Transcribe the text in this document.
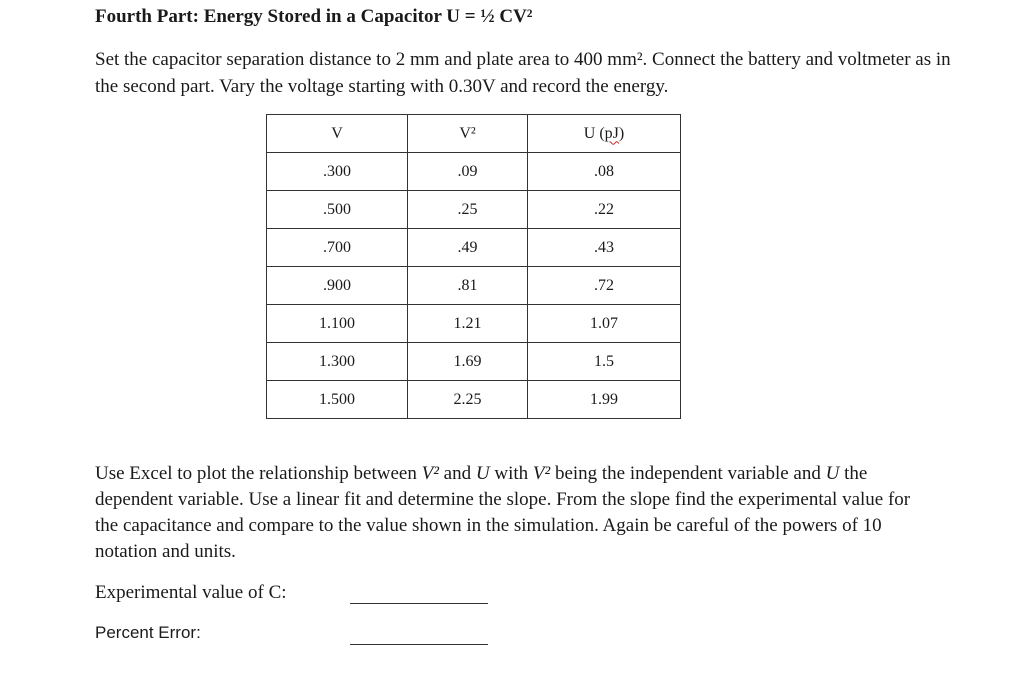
Fourth Part: Energy Stored in a Capacitor U = ½ CV²
Set the capacitor separation distance to 2 mm and plate area to 400 mm². Connect the battery and voltmeter as in the second part. Vary the voltage starting with 0.30V and record the energy.
V	V²	U (pJ)
.300	.09	.08
.500	.25	.22
.700	.49	.43
.900	.81	.72
1.100	1.21	1.07
1.300	1.69	1.5
1.500	2.25	1.99
Use Excel to plot the relationship between V² and U with V² being the independent variable and U the dependent variable. Use a linear fit and determine the slope. From the slope find the experimental value for the capacitance and compare to the value shown in the simulation. Again be careful of the powers of 10 notation and units.
Experimental value of C:
Percent Error:
